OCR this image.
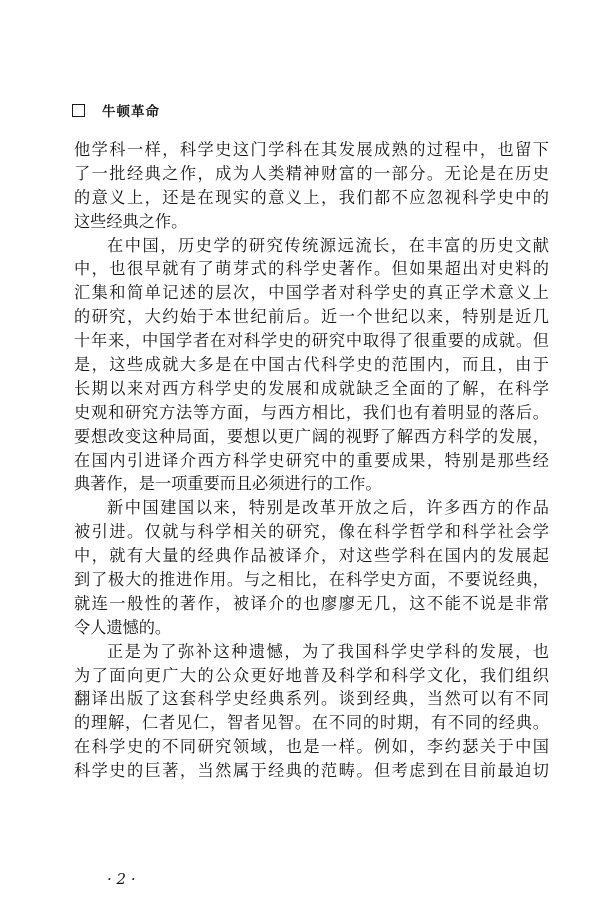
牛顿革命
他学科一样，科学史这门学科在其发展成熟的过程中，也留下
了一批经典之作，成为人类精神财富的一部分。无论是在历史
的意义上，还是在现实的意义上，我们都不应忽视科学史中的
这些经典之作。
在中国，历史学的研究传统源远流长，在丰富的历史文献
中，也很早就有了萌芽式的科学史著作。但如果超出对史料的
汇集和简单记述的层次，中国学者对科学史的真正学术意义上
的研究，大约始于本世纪前后。近一个世纪以来，特别是近几
十年来，中国学者在对科学史的研究中取得了很重要的成就。但
是，这些成就大多是在中国古代科学史的范围内，而且，由于
长期以来对西方科学史的发展和成就缺乏全面的了解，在科学
史观和研究方法等方面，与西方相比，我们也有着明显的落后。
要想改变这种局面，要想以更广阔的视野了解西方科学的发展，
在国内引进译介西方科学史研究中的重要成果，特别是那些经
典著作，是一项重要而且必须进行的工作。
新中国建国以来，特别是改革开放之后，许多西方的作品
被引进。仅就与科学相关的研究，像在科学哲学和科学社会学
中，就有大量的经典作品被译介，对这些学科在国内的发展起
到了极大的推进作用。与之相比，在科学史方面，不要说经典，
就连一般性的著作，被译介的也廖廖无几，这不能不说是非常
令人遗憾的。
正是为了弥补这种遗憾，为了我国科学史学科的发展，也
为了面向更广大的公众更好地普及科学和科学文化，我们组织
翻译出版了这套科学史经典系列。谈到经典，当然可以有不同
的理解，仁者见仁，智者见智。在不同的时期，有不同的经典。
在科学史的不同研究领域，也是一样。例如，李约瑟关于中国
科学史的巨著，当然属于经典的范畴。但考虑到在目前最迫切
· 2 ·
